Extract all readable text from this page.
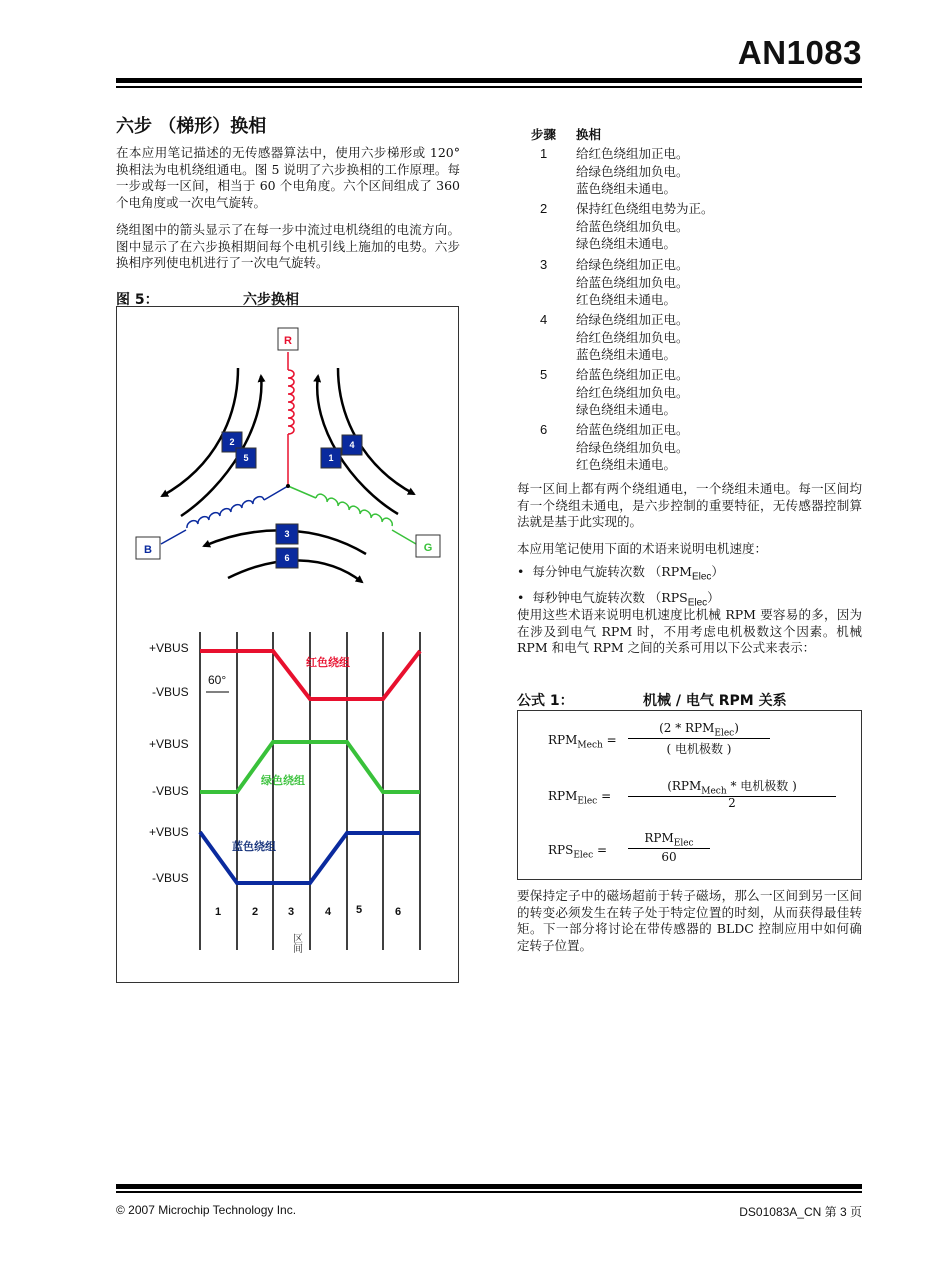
AN1083
六步 （梯形）换相
在本应用笔记描述的无传感器算法中，使用六步梯形或 120° 换相法为电机绕组通电。图 5 说明了六步换相的工作原理。每一步或每一区间，相当于 60 个电角度。六个区间组成了 360 个电角度或一次电气旋转。
绕组图中的箭头显示了在每一步中流过电机绕组的电流方向。图中显示了在六步换相期间每个电机引线上施加的电势。六步换相序列使电机进行了一次电气旋转。
图 5：	六步换相
R
B	G
2
5	1
4
3
6
+VBUS
-VBUS
+VBUS
-VBUS
+VBUS
-VBUS
60°
红色绕组
绿色绕组
蓝色绕组
1	2	3	4 5	6
区间
步骤 换相
1 给红色绕组加正电。
给绿色绕组加负电。
蓝色绕组未通电。
2 保持红色绕组电势为正。
给蓝色绕组加负电。
绿色绕组未通电。
3 给绿色绕组加正电。
给蓝色绕组加负电。
红色绕组未通电。
4 给绿色绕组加正电。
给红色绕组加负电。
蓝色绕组未通电。
5 给蓝色绕组加正电。
给红色绕组加负电。
绿色绕组未通电。
6 给蓝色绕组加正电。
给绿色绕组加负电。
红色绕组未通电。
每一区间上都有两个绕组通电，一个绕组未通电。每一区间均有一个绕组未通电，是六步控制的重要特征，无传感器控制算法就是基于此实现的。
本应用笔记使用下面的术语来说明电机速度：
•  每分钟电气旋转次数 $(RPM_{Elec})$
•  每秒钟电气旋转次数 $(RPS_{Elec})$
使用这些术语来说明电机速度比机械 RPM 要容易的多，因为在涉及到电气 RPM 时，不用考虑电机极数这个因素。机械 RPM 和电气 RPM 之间的关系可用以下公式来表示：
公式 1：	机械 / 电气 RPM 关系
$RPM_{Mech}$ =
$(2 * RPM_{Elec})$
( 电机极数 )
$RPM_{Elec}$ =
($RPM_{Mech}$ * 电机极数 )
2
$RPS_{Elec}$ =
$RPM_{Elec}$
60
要保持定子中的磁场超前于转子磁场，那么一区间到另一区间的转变必须发生在转子处于特定位置的时刻，从而获得最佳转矩。下一部分将讨论在带传感器的 BLDC 控制应用中如何确定转子位置。
© 2007 Microchip Technology Inc.	DS01083A_CN 第 3 页
